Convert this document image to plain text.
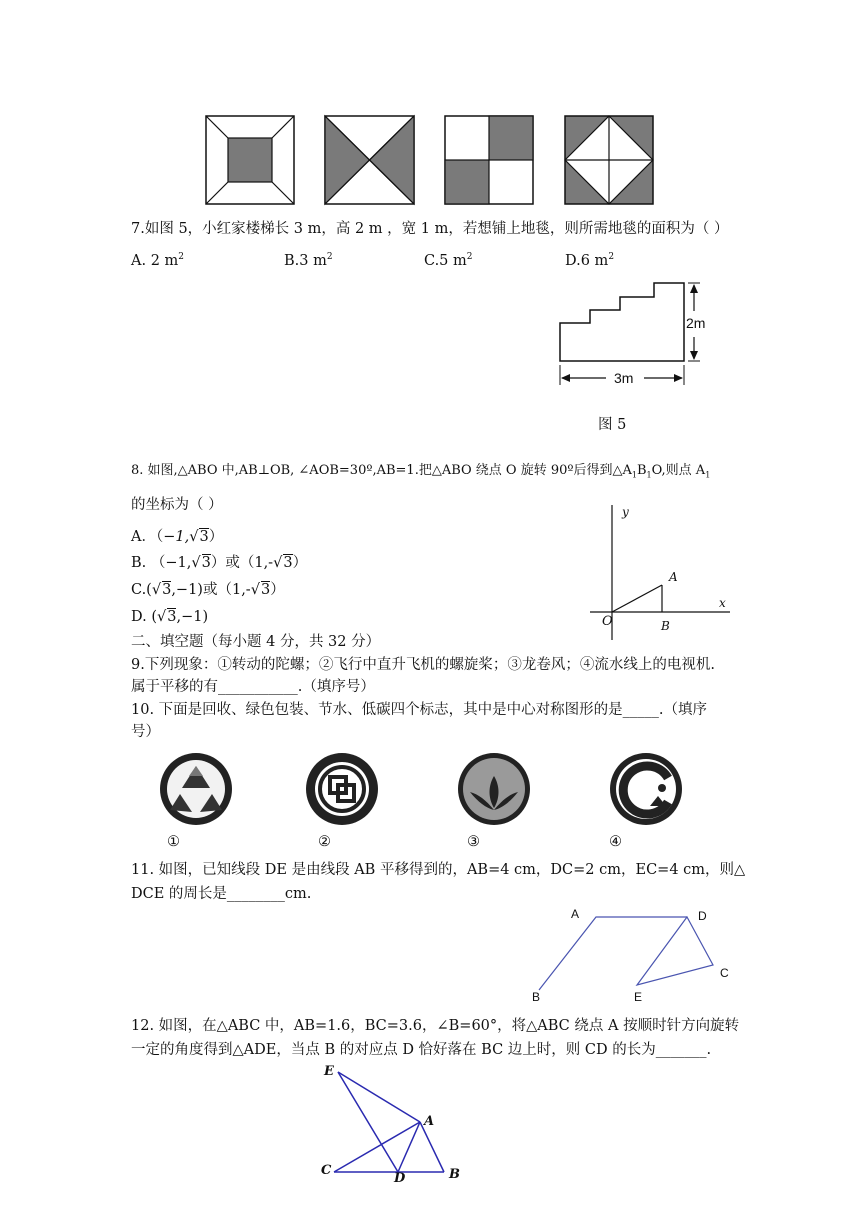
7.如图 5，小红家楼梯长 3 m，高 2 m ，宽 1 m，若想铺上地毯，则所需地毯的面积为（ ）
A. 2 $m^2$	B.3 $m^2$	C.5 $m^2$	D.6 $m^2$
2m
3m
图 5
8. 如图,△ABO 中,AB⊥OB, ∠AOB=30º,AB=1.把△ABO 绕点 O 旋转 90º后得到$\triangle A_1B_1O$,则点 $A_1$
的坐标为（ ）
A．（−1,√3）
B. （−1,√3）或（1,-√3）
C.(√3,−1)或（1,-√3）
D. (√3,−1)
y
x
A
O	B
二、填空题（每小题 4 分，共 32 分）
9.下列现象：①转动的陀螺；②飞行中直升飞机的螺旋桨；③龙卷风；④流水线上的电视机.
属于平移的有___________.（填序号）
10. 下面是回收、绿色包装、节水、低碳四个标志，其中是中心对称图形的是_____.（填序
号）
①	②	③	④
11. 如图，已知线段 DE 是由线段 AB 平移得到的，AB=4 cm，DC=2 cm，EC=4 cm，则△
DCE 的周长是________cm.
A	D
B	E
C
12. 如图，在△ABC 中，AB=1.6，BC=3.6，∠B=60°，将△ABC 绕点 A 按顺时针方向旋转
一定的角度得到△ADE，当点 B 的对应点 D 恰好落在 BC 边上时，则 CD 的长为_______.
E
A
C
D	B
